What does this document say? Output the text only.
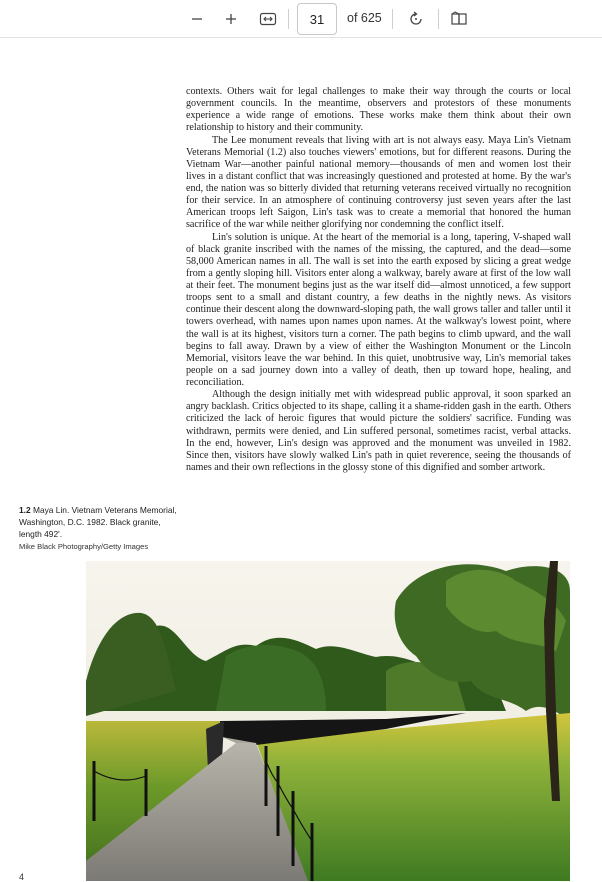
31
of 625

contexts. Others wait for legal challenges to make their way through the courts or local government councils. In the meantime, observers and protestors of these monuments experience a wide range of emotions. These works make them think about their own relationship to history and their community.

The Lee monument reveals that living with art is not always easy. Maya Lin's Vietnam Veterans Memorial (1.2) also touches viewers' emotions, but for different reasons. During the Vietnam War—another painful national memory—thousands of men and women lost their lives in a distant conflict that was increasingly questioned and protested at home. By the war's end, the nation was so bitterly divided that returning veterans received virtually no recognition for their service. In an atmosphere of continuing controversy just seven years after the last American troops left Saigon, Lin's task was to create a memorial that honored the human sacrifice of the war while neither glorifying nor condemning the conflict itself.

Lin's solution is unique. At the heart of the memorial is a long, tapering, V-shaped wall of black granite inscribed with the names of the missing, the captured, and the dead—some 58,000 American names in all. The wall is set into the earth exposed by slicing a great wedge from a gently sloping hill. Visitors enter along a walkway, barely aware at first of the low wall at their feet. The monument begins just as the war itself did—almost unnoticed, a few support troops sent to a small and distant country, a few deaths in the nightly news. As visitors continue their descent along the downward-sloping path, the wall grows taller and taller until it towers overhead, with names upon names upon names. At the walkway's lowest point, where the wall is at its highest, visitors turn a corner. The path begins to climb upward, and the wall begins to fall away. Drawn by a view of either the Washington Monument or the Lincoln Memorial, visitors leave the war behind. In this quiet, unobtrusive way, Lin's memorial takes people on a sad journey down into a valley of death, then up toward hope, healing, and reconciliation.

Although the design initially met with widespread public approval, it soon sparked an angry backlash. Critics objected to its shape, calling it a shame-ridden gash in the earth. Others criticized the lack of heroic figures that would picture the soldiers' sacrifice. Funding was withdrawn, permits were denied, and Lin suffered personal, sometimes racist, verbal attacks. In the end, however, Lin's design was approved and the monument was unveiled in 1982. Since then, visitors have slowly walked Lin's path in quiet reverence, seeing the thousands of names and their own reflections in the glossy stone of this dignified and somber artwork.

1.2 Maya Lin. Vietnam Veterans Memorial, Washington, D.C. 1982. Black granite, length 492'.
Mike Black Photography/Getty Images
4
